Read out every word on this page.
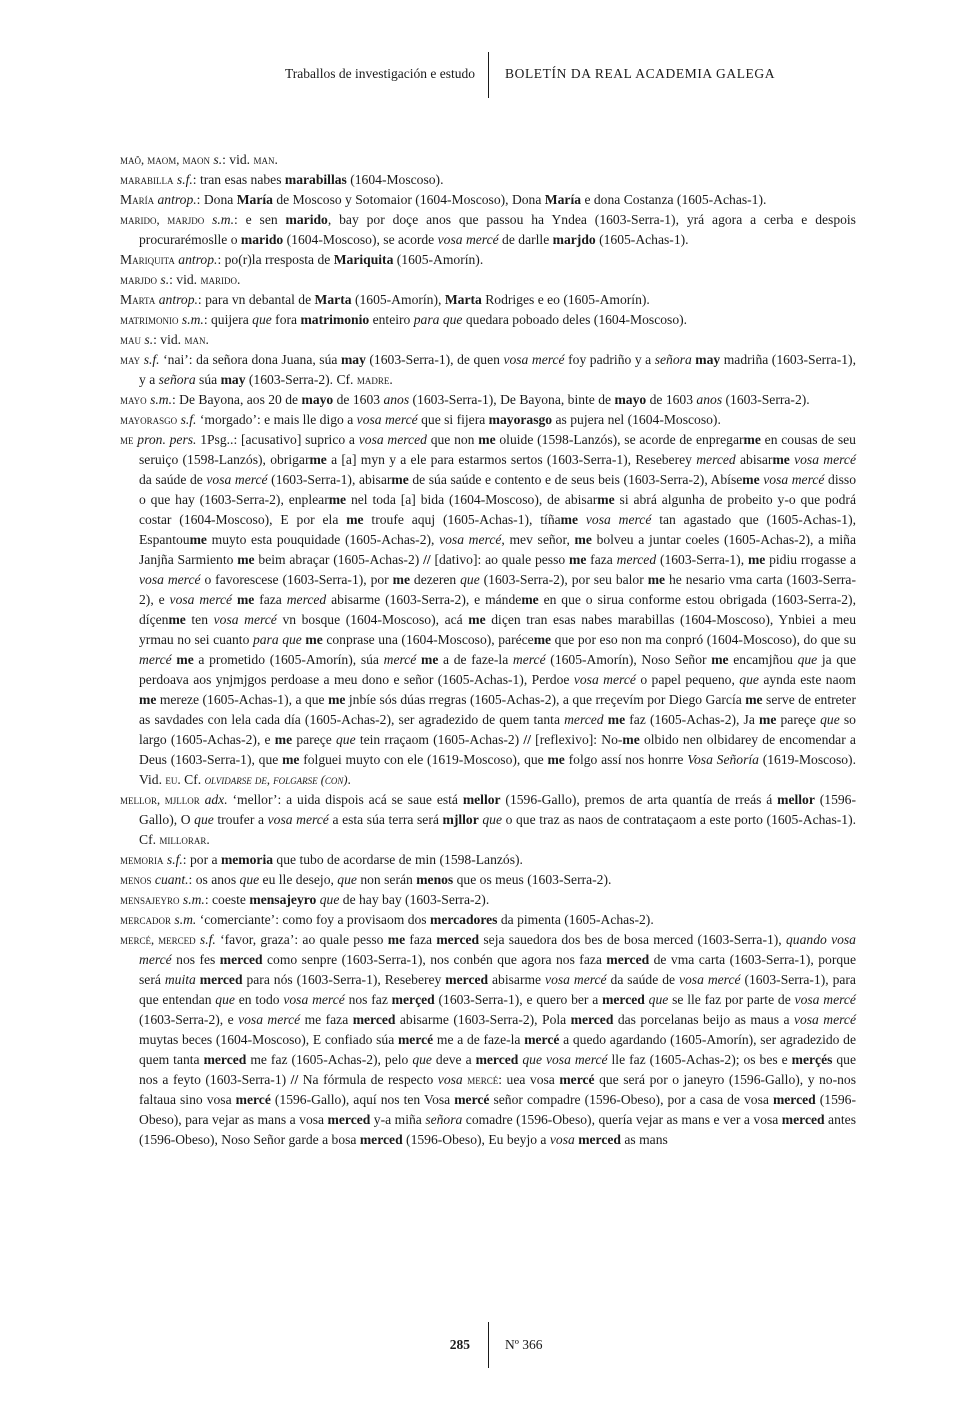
Traballos de investigación e estudo BOLETÍN DA REAL ACADEMIA GALEGA

maõ, maom, maon s.: vid. man.

marabilla s.f.: tran esas nabes marabillas (1604-Moscoso).

María antrop.: Dona María de Moscoso y Sotomaior (1604-Moscoso), Dona María e dona Costanza (1605-Achas-1).

marido, marjdo s.m.: e sen marido, bay por doçe anos que passou ha Yndea (1603-Serra-1), yrá agora a cerba e despois procurarémoslle o marido (1604-Moscoso), se acorde vosa mercé de darlle marjdo (1605-Achas-1).

Mariquita antrop.: po(r)la rresposta de Mariquita (1605-Amorín).

marjdo s.: vid. marido.

Marta antrop.: para vn debantal de Marta (1605-Amorín), Marta Rodriges e eo (1605-Amorín).

matrimonio s.m.: quijera que fora matrimonio enteiro para que quedara poboado deles (1604-Moscoso).

mau s.: vid. man.

may s.f. ‘nai’: da señora dona Juana, súa may (1603-Serra-1), de quen vosa mercé foy padriño y a señora may madriña (1603-Serra-1), y a señora súa may (1603-Serra-2). Cf. madre.

mayo s.m.: De Bayona, aos 20 de mayo de 1603 anos (1603-Serra-1), De Bayona, binte de mayo de 1603 anos (1603-Serra-2).

mayorasgo s.f. ‘morgado’: e mais lle digo a vosa mercé que si fijera mayorasgo as pujera nel (1604-Moscoso).

me pron. pers. 1Psg..: [acusativo] suprico a vosa merced que non me oluide (1598-Lanzós), se acorde de enpregarme en cousas de seu seruiço (1598-Lanzós), obrigarme a [a] myn y a ele para estarmos sertos (1603-Serra-1), Reseberey merced abisarme vosa mercé da saúde de vosa mercé (1603-Serra-1), abisarme de súa saúde e contento e de seus beis (1603-Serra-2), Abíseme vosa mercé disso o que hay (1603-Serra-2), enplearme nel toda [a] bida (1604-Moscoso), de abisarme si abrá algunha de probeito y-o que podrá costar (1604-Moscoso), E por ela me troufe aquj (1605-Achas-1), tíñame vosa mercé tan agastado que (1605-Achas-1), Espantoume muyto esta pouquidade (1605-Achas-2), vosa mercé, mev señor, me bolveu a juntar coeles (1605-Achas-2), a miña Janjña Sarmiento me beim abraçar (1605-Achas-2) // [dativo]: ao quale pesso me faza merced (1603-Serra-1), me pidiu rrogasse a vosa mercé o favorescese (1603-Serra-1), por me dezeren que (1603-Serra-2), por seu balor me he nesario vma carta (1603-Serra-2), e vosa mercé me faza merced abisarme (1603-Serra-2), e mándeme en que o sirua conforme estou obrigada (1603-Serra-2), díçenme ten vosa mercé vn bosque (1604-Moscoso), acá me diçen tran esas nabes marabillas (1604-Moscoso), Ynbiei a meu yrmau no sei cuanto para que me conprase una (1604-Moscoso), paréceme que por eso non ma conpró (1604-Moscoso), do que su mercé me a prometido (1605-Amorín), súa mercé me a de faze-la mercé (1605-Amorín), Noso Señor me encamjñou que ja que perdoava aos ynjmjgos perdoase a meu dono e señor (1605-Achas-1), Perdoe vosa mercé o papel pequeno, que aynda este naom me mereze (1605-Achas-1), a que me jnbíe sós dúas rregras (1605-Achas-2), a que rreçevím por Diego García me serve de entreter as savdades con lela cada día (1605-Achas-2), ser agradezido de quem tanta merced me faz (1605-Achas-2), Ja me pareçe que so largo (1605-Achas-2), e me pareçe que tein rraçaom (1605-Achas-2) // [reflexivo]: No-me olbido nen olbidarey de encomendar a Deus (1603-Serra-1), que me folguei muyto con ele (1619-Moscoso), que me folgo assí nos honrre Vosa Señoría (1619-Moscoso). Vid. eu. Cf. olvidarse de, folgarse (con).

mellor, mjllor adx. ‘mellor’: a uida dispois acá se saue está mellor (1596-Gallo), premos de arta quantía de rreás á mellor (1596-Gallo), O que troufer a vosa mercé a esta súa terra será mjllor que o que traz as naos de contrataçaom a este porto (1605-Achas-1). Cf. millorar.

memoria s.f.: por a memoria que tubo de acordarse de min (1598-Lanzós).

menos cuant.: os anos que eu lle desejo, que non serán menos que os meus (1603-Serra-2).

mensajeyro s.m.: coeste mensajeyro que de hay bay (1603-Serra-2).

mercador s.m. ‘comerciante’: como foy a provisaom dos mercadores da pimenta (1605-Achas-2).

mercé, merced s.f. ‘favor, graza’: ao quale pesso me faza merced seja sauedora dos bes de bosa merced (1603-Serra-1), quando vosa mercé nos fes merced como senpre (1603-Serra-1), nos conbén que agora nos faza merced de vma carta (1603-Serra-1), porque será muita merced para nós (1603-Serra-1), Reseberey merced abisarme vosa mercé da saúde de vosa mercé (1603-Serra-1), para que entendan que en todo vosa mercé nos faz merçed (1603-Serra-1), e quero ber a merced que se lle faz por parte de vosa mercé (1603-Serra-2), e vosa mercé me faza merced abisarme (1603-Serra-2), Pola merced das porcelanas beijo as maus a vosa mercé muytas beces (1604-Moscoso), E confiado súa mercé me a de faze-la mercé a quedo agardando (1605-Amorín), ser agradezido de quem tanta merced me faz (1605-Achas-2), pelo que deve a merced que vosa mercé lle faz (1605-Achas-2); os bes e merçés que nos a feyto (1603-Serra-1) // Na fórmula de respecto vosa mercé: uea vosa mercé que será por o janeyro (1596-Gallo), y no-nos faltaua sino vosa mercé (1596-Gallo), aquí nos ten Vosa mercé señor compadre (1596-Obeso), por a casa de vosa merced (1596-Obeso), para vejar as mans a vosa merced y-a miña señora comadre (1596-Obeso), quería vejar as mans e ver a vosa merced antes (1596-Obeso), Noso Señor garde a bosa merced (1596-Obeso), Eu beyjo a vosa merced as mans

285	Nº 366
